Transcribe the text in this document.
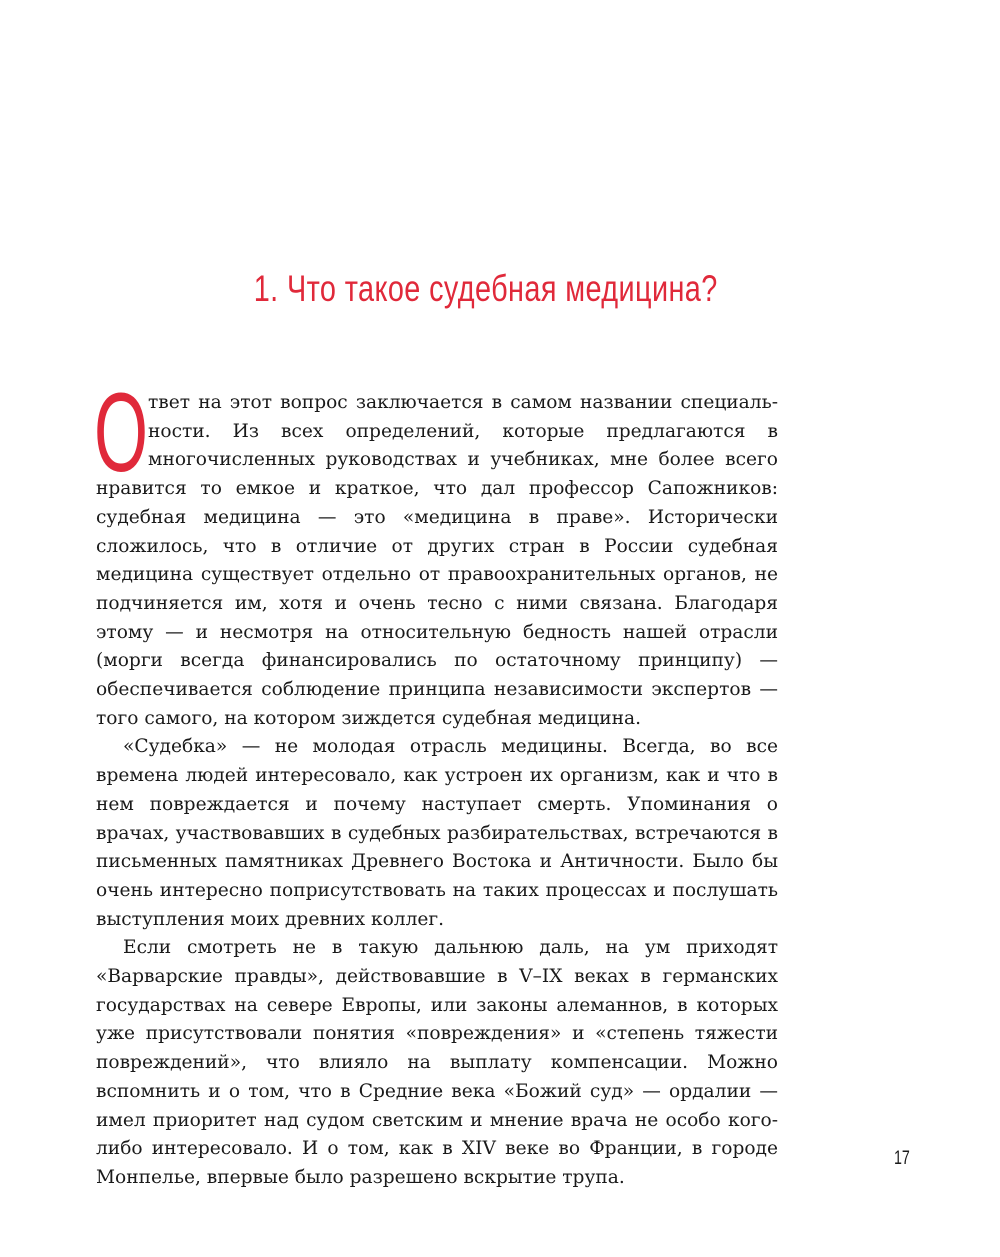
1. Что такое судебная медицина?

Ответ на этот вопрос заключается в самом названии специальности. Из всех определений, которые предлагаются в многочисленных руководствах и учебниках, мне более всего нравится то емкое и краткое, что дал профессор Сапожников: судебная медицина — это «медицина в праве». Исторически сложилось, что в отличие от других стран в России судебная медицина существует отдельно от правоохранительных органов, не подчиняется им, хотя и очень тесно с ними связана. Благодаря этому — и несмотря на относительную бедность нашей отрасли (морги всегда финансировались по остаточному принципу) — обеспечивается соблюдение принципа независимости экспертов — того самого, на котором зиждется судебная медицина.

«Судебка» — не молодая отрасль медицины. Всегда, во все времена людей интересовало, как устроен их организм, как и что в нем повреждается и почему наступает смерть. Упоминания о врачах, участвовавших в судебных разбирательствах, встречаются в письменных памятниках Древнего Востока и Античности. Было бы очень интересно поприсутствовать на таких процессах и послушать выступления моих древних коллег.

Если смотреть не в такую дальнюю даль, на ум приходят «Варварские правды», действовавшие в V–IX веках в германских государствах на севере Европы, или законы алеманнов, в которых уже присутствовали понятия «повреждения» и «степень тяжести повреждений», что влияло на выплату компенсации. Можно вспомнить и о том, что в Средние века «Божий суд» — ордалии — имел приоритет над судом светским и мнение врача не особо кого-либо интересовало. И о том, как в XIV веке во Франции, в городе Монпелье, впервые было разрешено вскрытие трупа.

17
